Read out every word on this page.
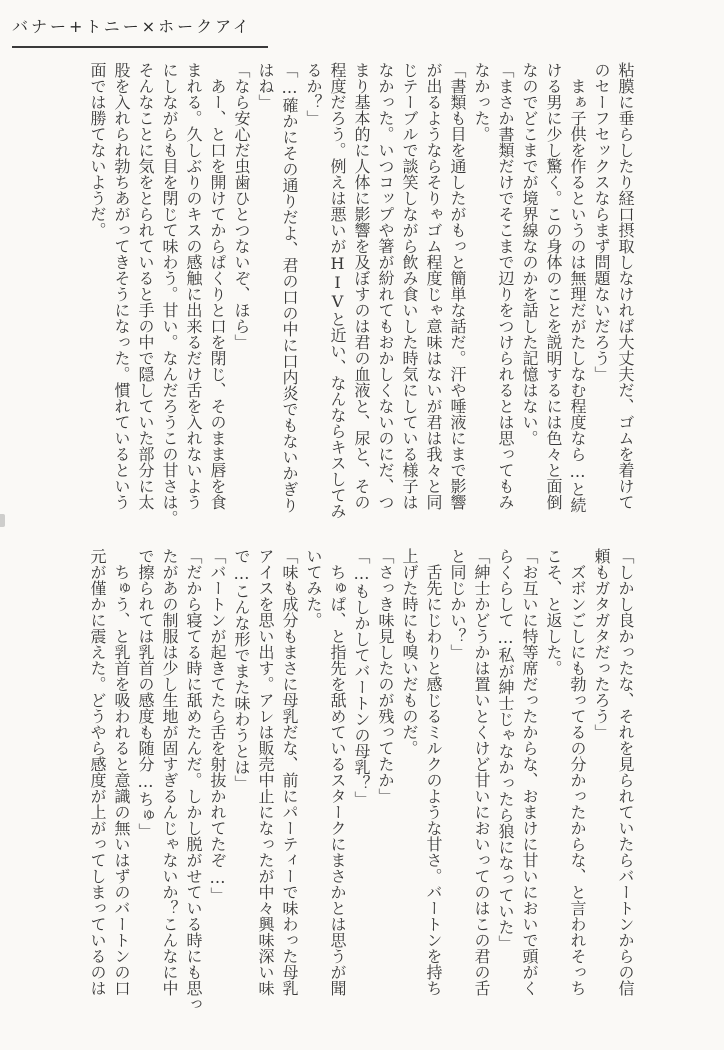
バナー+トニー×ホークアイ

粘膜に垂らしたり経口摂取しなければ大丈夫だ、ゴムを着けて

のセーフセックスならまず問題ないだろう」

　まぁ子供を作るというのは無理だがたしなむ程度なら…と続

ける男に少し驚く。この身体のことを説明するには色々と面倒

なのでどこまでが境界線なのかを話した記憶はない。

「まさか書類だけでそこまで辺りをつけられるとは思ってもみ

なかった。

「書類も目を通したがもっと簡単な話だ。汗や唾液にまで影響

が出るようならそりゃゴム程度じゃ意味はないが君は我々と同

じテーブルで談笑しながら飲み食いした時気にしている様子は

なかった。いつコップや箸が紛れてもおかしくないのにだ、つ

まり基本的に人体に影響を及ぼすのは君の血液と、尿と、その

程度だろう。例えは悪いがHIVと近い、なんならキスしてみ

るか？」

「…確かにその通りだよ、君の口の中に口内炎でもないかぎり

はね」

「なら安心だ虫歯ひとつないぞ、ほら」

　あー、と口を開けてからぱくりと口を閉じ、そのまま唇を食

まれる。久しぶりのキスの感触に出来るだけ舌を入れないよう

にしながらも目を閉じて味わう。甘い。なんだろうこの甘さは。

そんなことに気をとられていると手の中で隠していた部分に太

股を入れられ勃ちあがってきそうになった。慣れているという

面では勝てないようだ。

「しかし良かったな、それを見られていたらバートンからの信

頼もガタガタだったろう」

　ズボンごしにも勃ってるの分かったからな、と言われそっち

こそ、と返した。

「お互いに特等席だったからな、おまけに甘いにおいで頭がく

らくらして…私が紳士じゃなかったら狼になっていた」

「紳士かどうかは置いとくけど甘いにおいってのはこの君の舌

と同じかい？」

　舌先にじわりと感じるミルクのような甘さ。バートンを持ち

上げた時にも嗅いだものだ。

「さっき味見したのが残ってたか」

「…もしかしてバートンの母乳？」

　ちゅぱ、と指先を舐めているスタークにまさかとは思うが聞

いてみた。

「味も成分もまさに母乳だな、前にパーティーで味わった母乳

アイスを思い出す。アレは販売中止になったが中々興味深い味

で…こんな形でまた味わうとは」

「バートンが起きてたら舌を射抜かれてたぞ…」

「だから寝てる時に舐めたんだ。しかし脱がせている時にも思っ

たがあの制服は少し生地が固すぎるんじゃないか？こんなに中

で擦られては乳首の感度も随分…ちゅ」

　ちゅう、と乳首を吸われると意識の無いはずのバートンの口

元が僅かに震えた。どうやら感度が上がってしまっているのは
